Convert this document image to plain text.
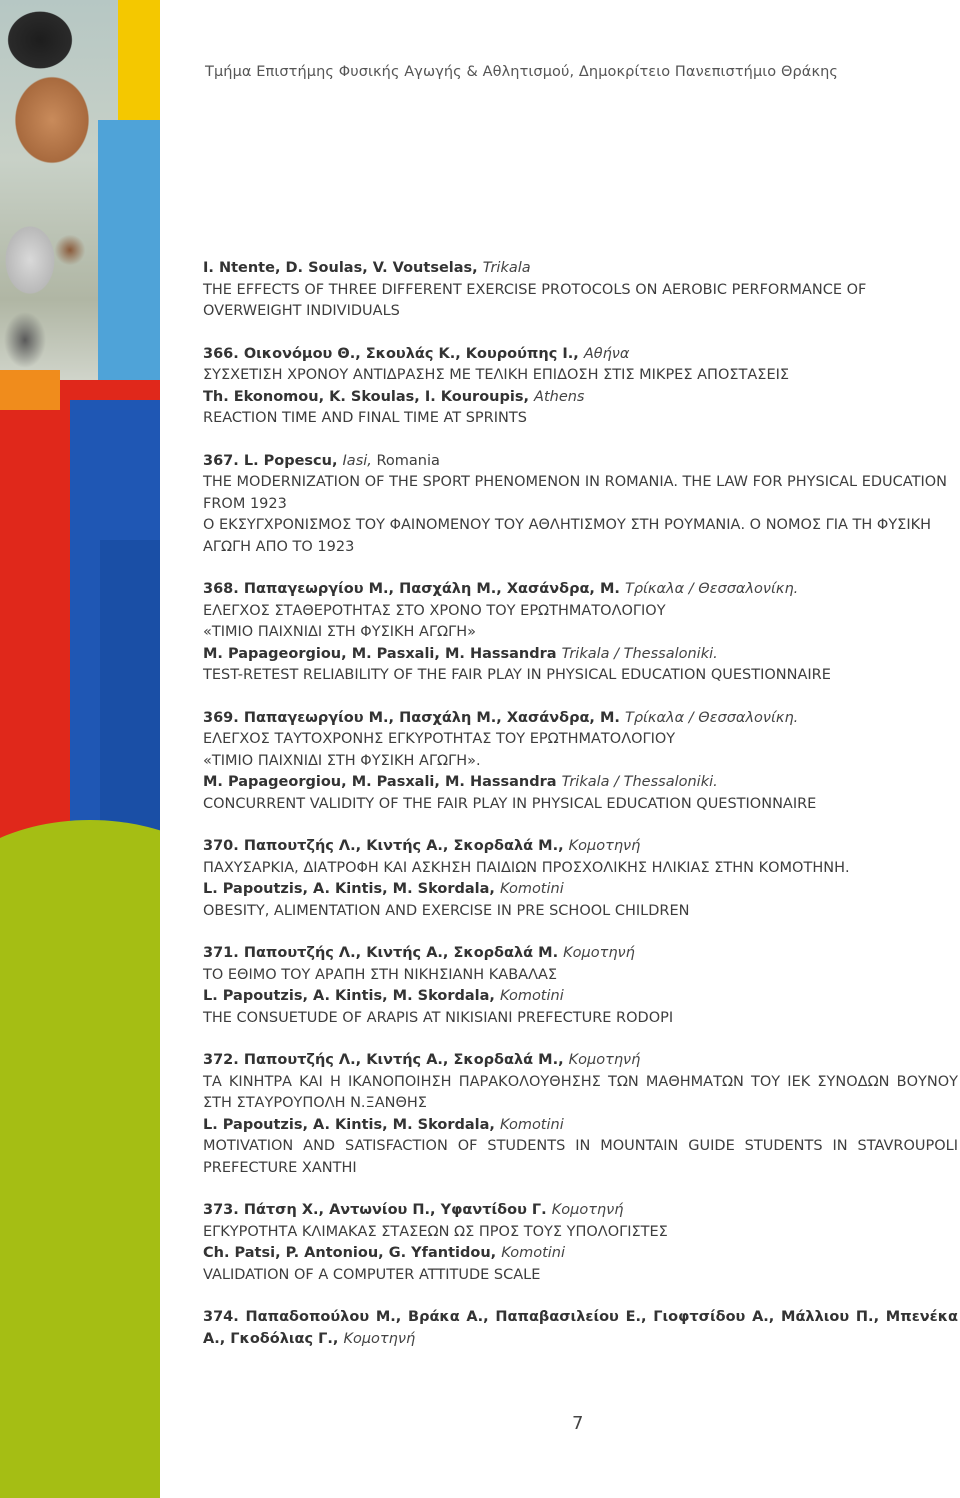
Τμήμα Επιστήμης Φυσικής Αγωγής & Αθλητισμού, Δημοκρίτειο Πανεπιστήμιο Θράκης
I. Ntente, D. Soulas, V. Voutselas, Trikala
THE EFFECTS OF THREE DIFFERENT EXERCISE PROTOCOLS ON AEROBIC PERFORMANCE OF OVERWEIGHT INDIVIDUALS
366. Οικονόμου Θ., Σκουλάς Κ., Κουρούπης Ι., Αθήνα
ΣΥΣΧΕΤΙΣΗ ΧΡΟΝΟΥ ΑΝΤΙΔΡΑΣΗΣ ΜΕ ΤΕΛΙΚΗ ΕΠΙΔΟΣΗ ΣΤΙΣ ΜΙΚΡΕΣ ΑΠΟΣΤΑΣΕΙΣ
Th. Ekonomou, K. Skoulas, I. Kouroupis, Athens
REACTION TIME AND FINAL TIME AT SPRINTS
367. L. Popescu, Iasi, Romania
THE MODERNIZATION OF THE SPORT PHENOMENON IN ROMANIA. THE LAW FOR PHYSICAL EDUCATION FROM 1923
Ο ΕΚΣΥΓΧΡΟΝΙΣΜΟΣ ΤΟΥ ΦΑΙΝΟΜΕΝΟΥ ΤΟΥ ΑΘΛΗΤΙΣΜΟΥ ΣΤΗ ΡΟΥΜΑΝΙΑ. Ο ΝΟΜΟΣ ΓΙΑ ΤΗ ΦΥΣΙΚΗ ΑΓΩΓΗ ΑΠΟ ΤΟ 1923
368. Παπαγεωργίου Μ., Πασχάλη Μ., Χασάνδρα, Μ. Τρίκαλα / Θεσσαλονίκη.
ΕΛΕΓΧΟΣ ΣΤΑΘΕΡΟΤΗΤΑΣ ΣΤΟ ΧΡΟΝΟ ΤΟΥ ΕΡΩΤΗΜΑΤΟΛΟΓΙΟΥ
«ΤΙΜΙΟ ΠΑΙΧΝΙΔΙ ΣΤΗ ΦΥΣΙΚΗ ΑΓΩΓΗ»
M. Papageorgiou, M. Pasxali, M. Hassandra Trikala / Thessaloniki.
TEST-RETEST RELIABILITY OF THE FAIR PLAY IN PHYSICAL EDUCATION QUESTIONNAIRE
369. Παπαγεωργίου Μ., Πασχάλη Μ., Χασάνδρα, Μ. Τρίκαλα / Θεσσαλονίκη.
ΕΛΕΓΧΟΣ ΤΑΥΤΟΧΡΟΝΗΣ ΕΓΚΥΡΟΤΗΤΑΣ ΤΟΥ ΕΡΩΤΗΜΑΤΟΛΟΓΙΟΥ
«ΤΙΜΙΟ ΠΑΙΧΝΙΔΙ ΣΤΗ ΦΥΣΙΚΗ ΑΓΩΓΗ».
M. Papageorgiou, M. Pasxali, M. Hassandra Trikala / Thessaloniki.
CONCURRENT VALIDITY OF THE FAIR PLAY IN PHYSICAL EDUCATION QUESTIONNAIRE
370. Παπουτζής Λ., Κιντής Α., Σκορδαλά Μ., Κομοτηνή
ΠΑΧΥΣΑΡΚΙΑ, ΔΙΑΤΡΟΦΗ ΚΑΙ ΑΣΚΗΣΗ ΠΑΙΔΙΩΝ ΠΡΟΣΧΟΛΙΚΗΣ ΗΛΙΚΙΑΣ ΣΤΗΝ ΚΟΜΟΤΗΝΗ.
L. Papoutzis, A. Kintis, M. Skordala, Komotini
OBESITY, ALIMENTATION AND EXERCISE IN PRE SCHOOL CHILDREN
371. Παπουτζής Λ., Κιντής Α., Σκορδαλά Μ. Κομοτηνή
ΤΟ ΕΘΙΜΟ ΤΟΥ ΑΡΑΠΗ ΣΤΗ ΝΙΚΗΣΙΑΝΗ ΚΑΒΑΛΑΣ
L. Papoutzis, A. Kintis, M. Skordala, Komotini
THE CONSUETUDE OF ARAPIS AT NIKISIANI PREFECTURE RODOPI
372. Παπουτζής Λ., Κιντής Α., Σκορδαλά Μ., Κομοτηνή
ΤΑ ΚΙΝΗΤΡΑ ΚΑΙ Η ΙΚΑΝΟΠΟΙΗΣΗ ΠΑΡΑΚΟΛΟΥΘΗΣΗΣ ΤΩΝ ΜΑΘΗΜΑΤΩΝ ΤΟΥ ΙΕΚ ΣΥΝΟΔΩΝ ΒΟΥΝΟΥ ΣΤΗ ΣΤΑΥΡΟΥΠΟΛΗ Ν.ΞΑΝΘΗΣ
L. Papoutzis, A. Kintis, M. Skordala, Komotini
MOTIVATION AND SATISFACTION OF STUDENTS IN MOUNTAIN GUIDE STUDENTS IN STAVROUPOLI PREFECTURE XANTHI
373. Πάτση Χ., Αντωνίου Π., Υφαντίδου Γ. Κομοτηνή
ΕΓΚΥΡΟΤΗΤΑ ΚΛΙΜΑΚΑΣ ΣΤΑΣΕΩΝ ΩΣ ΠΡΟΣ ΤΟΥΣ ΥΠΟΛΟΓΙΣΤΕΣ
Ch. Patsi, P. Antoniou, G. Yfantidou, Komotini
VALIDATION OF A COMPUTER ATTITUDE SCALE
374. Παπαδοπούλου Μ., Βράκα Α., Παπαβασιλείου Ε., Γιοφτσίδου Α., Μάλλιου Π., Μπενέκα Α., Γκοδόλιας Γ., Κομοτηνή
7
